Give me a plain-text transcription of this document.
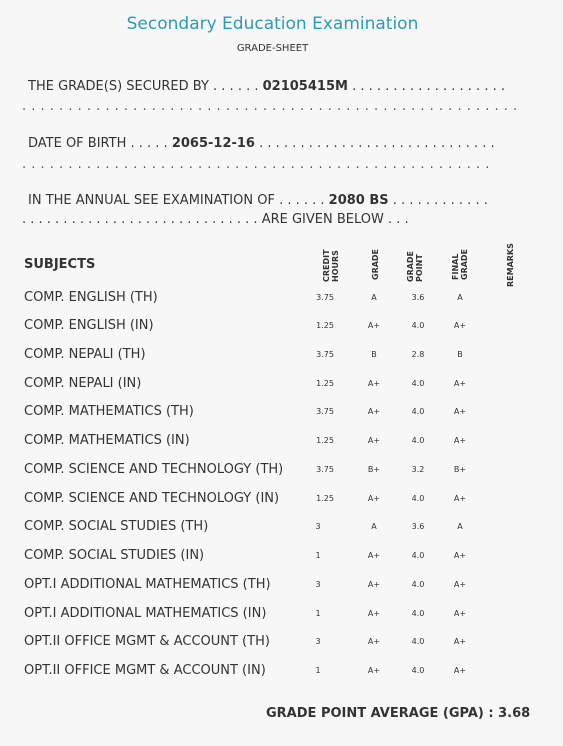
Secondary Education Examination
GRADE-SHEET
THE GRADE(S) SECURED BY . . . . . . 02105415M . . . . . . . . . . . . . . . . . . .
. . . . . . . . . . . . . . . . . . . . . . . . . . . . . . . . . . . . . . . . . . . . . . . . . . . . . .
DATE OF BIRTH . . . . . 2065-12-16 . . . . . . . . . . . . . . . . . . . . . . . . . . . . .
. . . . . . . . . . . . . . . . . . . . . . . . . . . . . . . . . . . . . . . . . . . . . . . . . . .
IN THE ANNUAL SEE EXAMINATION OF . . . . . . 2080 BS . . . . . . . . . . . .
. . . . . . . . . . . . . . . . . . . . . . . . . . . . . ARE GIVEN BELOW . . .
SUBJECTS	CREDIT HOURS	GRADE	GRADE POINT	FINAL GRADE	REMARKS
COMP. ENGLISH (TH)	3.75	A	3.6	A
COMP. ENGLISH (IN)	1.25	A+	4.0	A+
COMP. NEPALI (TH)	3.75	B	2.8	B
COMP. NEPALI (IN)	1.25	A+	4.0	A+
COMP. MATHEMATICS (TH)	3.75	A+	4.0	A+
COMP. MATHEMATICS (IN)	1.25	A+	4.0	A+
COMP. SCIENCE AND TECHNOLOGY (TH)	3.75	B+	3.2	B+
COMP. SCIENCE AND TECHNOLOGY (IN)	1.25	A+	4.0	A+
COMP. SOCIAL STUDIES (TH)	3	A	3.6	A
COMP. SOCIAL STUDIES (IN)	1	A+	4.0	A+
OPT.I ADDITIONAL MATHEMATICS (TH)	3	A+	4.0	A+
OPT.I ADDITIONAL MATHEMATICS (IN)	1	A+	4.0	A+
OPT.II OFFICE MGMT & ACCOUNT (TH)	3	A+	4.0	A+
OPT.II OFFICE MGMT & ACCOUNT (IN)	1	A+	4.0	A+
GRADE POINT AVERAGE (GPA) : 3.68
